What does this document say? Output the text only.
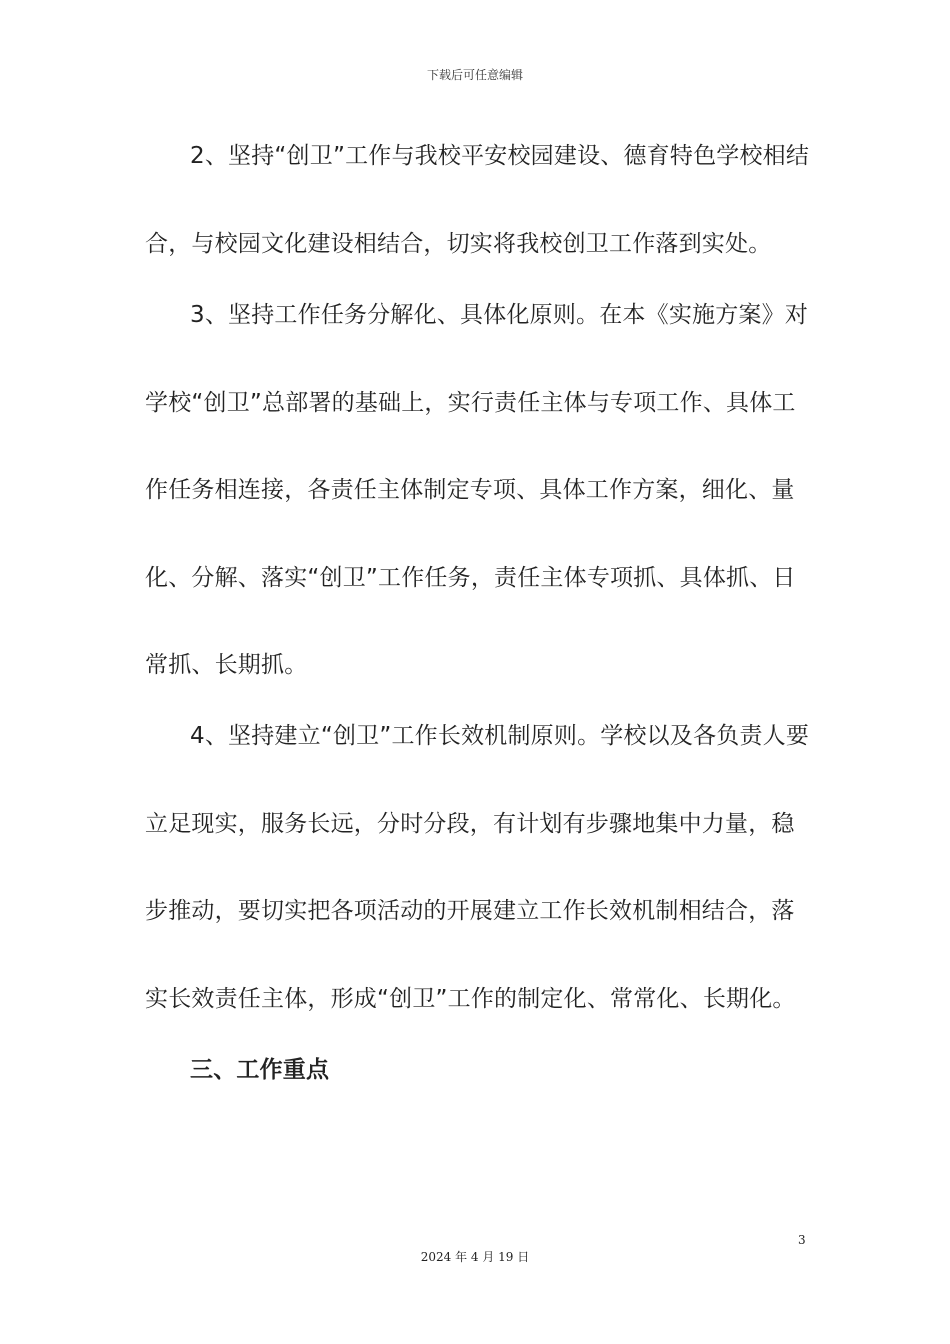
下载后可任意编辑
2、坚持“创卫”工作与我校平安校园建设、德育特色学校相结
合，与校园文化建设相结合，切实将我校创卫工作落到实处。
3、坚持工作任务分解化、具体化原则。在本《实施方案》对
学校“创卫”总部署的基础上，实行责任主体与专项工作、具体工
作任务相连接，各责任主体制定专项、具体工作方案，细化、量
化、分解、落实“创卫”工作任务，责任主体专项抓、具体抓、日
常抓、长期抓。
4、坚持建立“创卫”工作长效机制原则。学校以及各负责人要
立足现实，服务长远，分时分段，有计划有步骤地集中力量，稳
步推动，要切实把各项活动的开展建立工作长效机制相结合，落
实长效责任主体，形成“创卫”工作的制定化、常常化、长期化。
三、工作重点
3
2024 年 4 月 19 日
